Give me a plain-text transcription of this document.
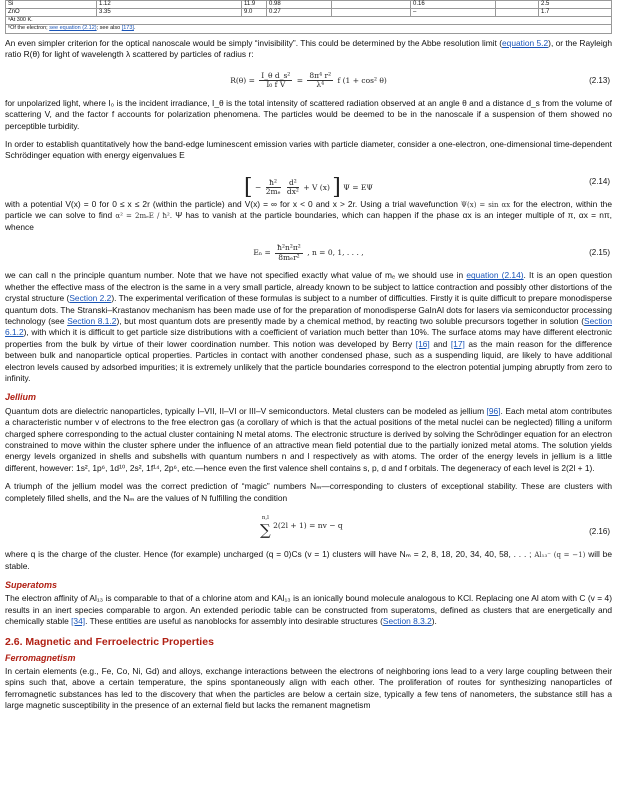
Si	1.12	11.9	0.98		0.16		2.5
ZnO	3.35	9.0	0.27		–		1.7
ᵃAt 300 K.
ᵇOf the electron; see equation (2.12); see also [173].

An even simpler criterion for the optical nanoscale would be simply “invisibility”. This could be determined by the Abbe resolution limit (equation 5.2), or the Rayleigh ratio R(θ) for light of wavelength λ scattered by particles of radius r:

$R(\theta) = \frac{\text{I\_θ d\_s²}}{\text{I₀ f V}} = \frac{\text{8π⁴ r²}}{\text{λ⁴}}$ f (1 + cos² θ)	(2.13)

for unpolarized light, where I₀ is the incident irradiance, I_θ is the total intensity of scattered radiation observed at an angle θ and a distance d_s from the volume of scattering V, and the factor f accounts for polarization phenomena. The particles would be deemed to be in the nanoscale if a suspension of them showed no perceptible turbidity.

In order to establish quantitatively how the band-edge luminescent emission varies with particle diameter, consider a one-electron, one-dimensional time-dependent Schrödinger equation with energy eigenvalues E

[ − $\frac{\text{ħ²}}{\text{2mₑ}}$
$\frac{\text{d²}}{\text{dx²}} + V$ (x) ] Ψ = EΨ
(2.14)

with a potential V(x) = 0 for 0 ≤ x ≤ 2r (within the particle) and V(x) = ∞ for x < 0 and x > 2r. Using a trial wavefunction Ψ(x) = sin αx for the electron, within the particle we can solve to find α² = 2mₑE / ħ². Ψ has to vanish at the particle boundaries, which can happen if the phase αx is an integer multiple of π, αx = nπ, whence

$E_n = \frac{\text{ħ²n²π²}}{\text{8mₑr²}}$ , n = 0, 1, . . . ,	(2.15)

we can call n the principle quantum number. Note that we have not specified exactly what value of mₑ we should use in equation (2.14). It is an open question whether the effective mass of the electron is the same in a very small particle, already known to be subject to lattice contraction and possibly other distortions of the crystal structure (Section 2.2). The experimental verification of these formulas is subject to a number of difficulties. Firstly it is quite difficult to prepare monodisperse quantum dots. The Stranski–Krastanov mechanism has been made use of for the preparation of monodisperse GaInAl dots for lasers via semiconductor processing technology (see Section 8.1.2), but most quantum dots are presently made by a chemical method, by reacting two soluble precursors together in solution (Section 6.1.2), with which it is difficult to get particle size distributions with a coefficient of variation much better than 10%. The surface atoms may have different electronic properties from the bulk by virtue of their lower coordination number. This notion was developed by Berry [16] and [17] as the main reason for the difference between bulk and nanoparticle optical properties. Particles in contact with another condensed phase, such as a suspending liquid, are likely to have additional electron levels caused by adsorbed impurities; it is extremely unlikely that the particle boundaries correspond to the electron potential jumping abruptly from zero to infinity.

Jellium

Quantum dots are dielectric nanoparticles, typically I–VII, II–VI or III–V semiconductors. Metal clusters can be modeled as jellium [96]. Each metal atom contributes a characteristic number v of electrons to the free electron gas (a corollary of which is that the actual positions of the metal nuclei can be neglected) filling a uniform charged sphere corresponding to the actual cluster containing N metal atoms. The electronic structure is derived by solving the Schrödinger equation for an electron constrained to move within the cluster sphere under the influence of an attractive mean field potential due to the partially ionized metal atoms. The solution yields energy levels organized in shells and subshells with quantum numbers n and l respectively as with atoms. The order of the energy levels in jellium is a little different, however: 1s², 1p⁶, 1d¹⁰, 2s², 1f¹⁴, 2p⁶, etc.—hence even the first valence shell contains s, p, d and f orbitals. The degeneracy of each level is 2(2l + 1).

A triumph of the jellium model was the correct prediction of “magic” numbers Nₘ—corresponding to clusters of exceptional stability. These are clusters with completely filled shells, and the Nₘ are the values of N fulfilling the condition

n,l
∑ 2(2l + 1) = nv − q
(2.16)

where q is the charge of the cluster. Hence (for example) uncharged (q = 0)Cs (v = 1) clusters will have Nₘ = 2, 8, 18, 20, 34, 40, 58, . . . ; Al₁₃⁻ (q = −1) will be stable.

Superatoms

The electron affinity of Al₁₃ is comparable to that of a chlorine atom and KAl₁₃ is an ionically bound molecule analogous to KCl. Replacing one Al atom with C (v = 4) results in an inert species comparable to argon. An extended periodic table can be constructed from superatoms, defined as clusters that are energetically and chemically stable [34]. These entities are useful as nanoblocks for assembly into desirable structures (Section 8.3.2).

2.6. Magnetic and Ferroelectric Properties
Ferromagnetism

In certain elements (e.g., Fe, Co, Ni, Gd) and alloys, exchange interactions between the electrons of neighboring ions lead to a very large coupling between their spins such that, above a certain temperature, the spins spontaneously align with each other. The proliferation of routes for synthesizing nanoparticles of ferromagnetic substances has led to the discovery that when the particles are below a certain size, typically a few tens of nanometers, the substance still has a large magnetic susceptibility in the presence of an external field but lacks the remanent magnetism
